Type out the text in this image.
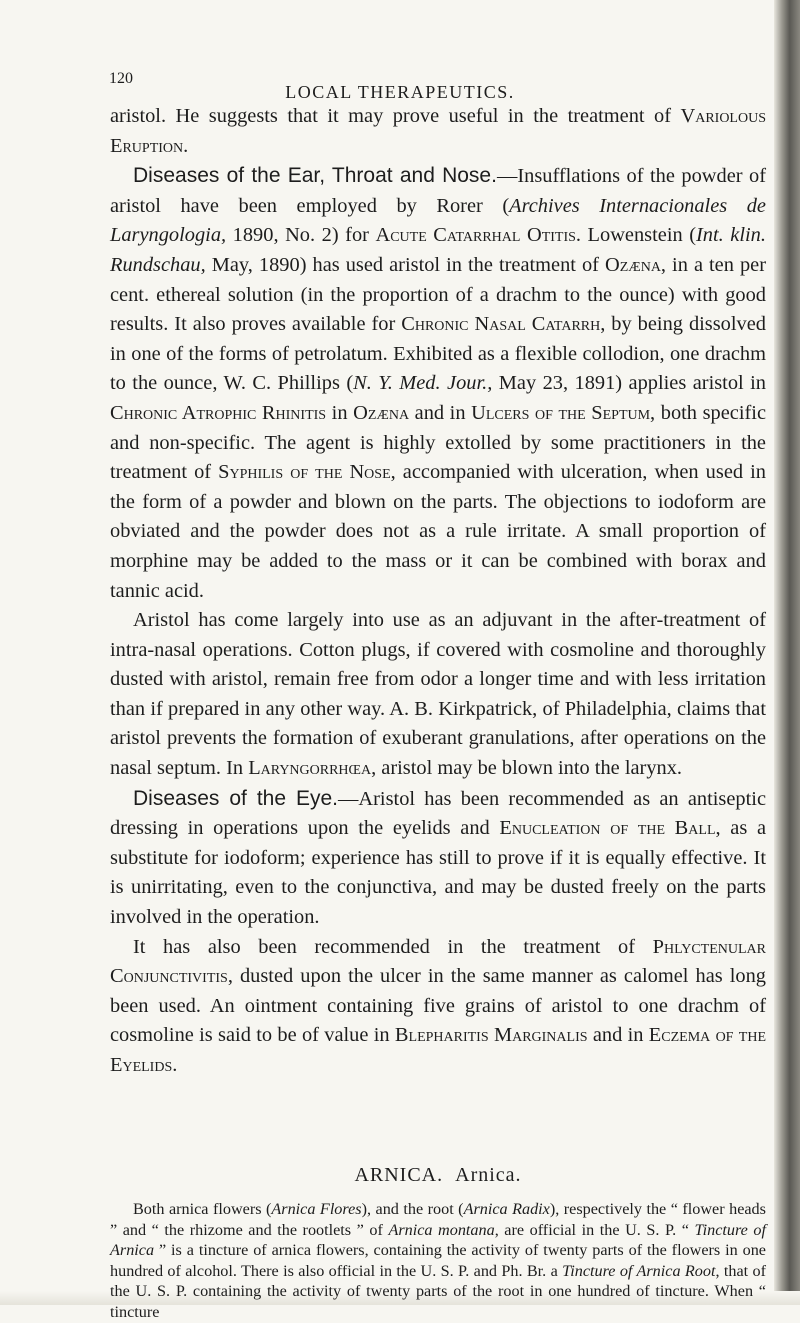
120
LOCAL THERAPEUTICS.

aristol. He suggests that it may prove useful in the treatment of Variolous Eruption.

Diseases of the Ear, Throat and Nose.—Insufflations of the powder of aristol have been employed by Rorer (Archives Internacionales de Laryngologia, 1890, No. 2) for Acute Catarrhal Otitis. Lowenstein (Int. klin. Rundschau, May, 1890) has used aristol in the treatment of Ozæna, in a ten per cent. ethereal solution (in the proportion of a drachm to the ounce) with good results. It also proves available for Chronic Nasal Catarrh, by being dissolved in one of the forms of petrolatum. Exhibited as a flexible collodion, one drachm to the ounce, W. C. Phillips (N. Y. Med. Jour., May 23, 1891) applies aristol in Chronic Atrophic Rhinitis in Ozæna and in Ulcers of the Septum, both specific and non-specific. The agent is highly extolled by some practitioners in the treatment of Syphilis of the Nose, accompanied with ulceration, when used in the form of a powder and blown on the parts. The objections to iodoform are obviated and the powder does not as a rule irritate. A small proportion of morphine may be added to the mass or it can be combined with borax and tannic acid.

Aristol has come largely into use as an adjuvant in the after-treatment of intra-nasal operations. Cotton plugs, if covered with cosmoline and thoroughly dusted with aristol, remain free from odor a longer time and with less irritation than if prepared in any other way. A. B. Kirkpatrick, of Philadelphia, claims that aristol prevents the formation of exuberant granulations, after operations on the nasal septum. In Laryngorrhœa, aristol may be blown into the larynx.

Diseases of the Eye.—Aristol has been recommended as an antiseptic dressing in operations upon the eyelids and Enucleation of the Ball, as a substitute for iodoform; experience has still to prove if it is equally effective. It is unirritating, even to the conjunctiva, and may be dusted freely on the parts involved in the operation.

It has also been recommended in the treatment of Phlyctenular Conjunctivitis, dusted upon the ulcer in the same manner as calomel has long been used. An ointment containing five grains of aristol to one drachm of cosmoline is said to be of value in Blepharitis Marginalis and in Eczema of the Eyelids.

ARNICA. Arnica.

Both arnica flowers (Arnica Flores), and the root (Arnica Radix), respectively the “ flower heads ” and “ the rhizome and the rootlets ” of Arnica montana, are official in the U. S. P. “ Tincture of Arnica ” is a tincture of arnica flowers, containing the activity of twenty parts of the flowers in one hundred of alcohol. There is also official in the U. S. P. and Ph. Br. a Tincture of Arnica Root, that of the U. S. P. containing the activity of twenty parts of the root in one hundred of tincture. When “ tincture
